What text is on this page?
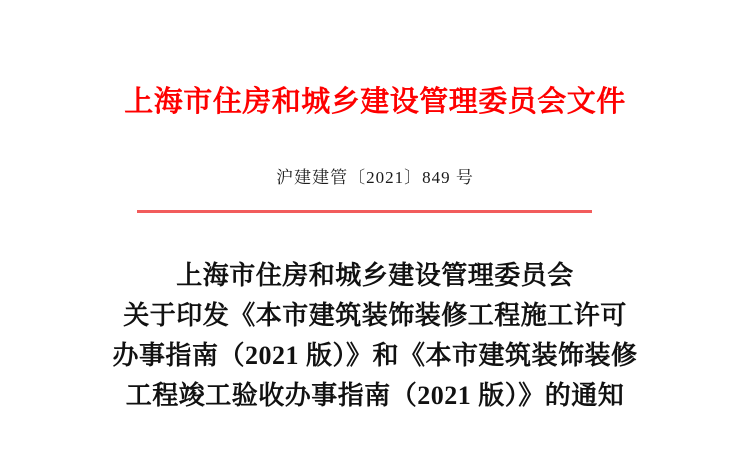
上海市住房和城乡建设管理委员会文件
沪建建管〔2021〕849 号
上海市住房和城乡建设管理委员会
关于印发《本市建筑装饰装修工程施工许可
办事指南（2021 版）》和《本市建筑装饰装修
工程竣工验收办事指南（2021 版）》的通知
